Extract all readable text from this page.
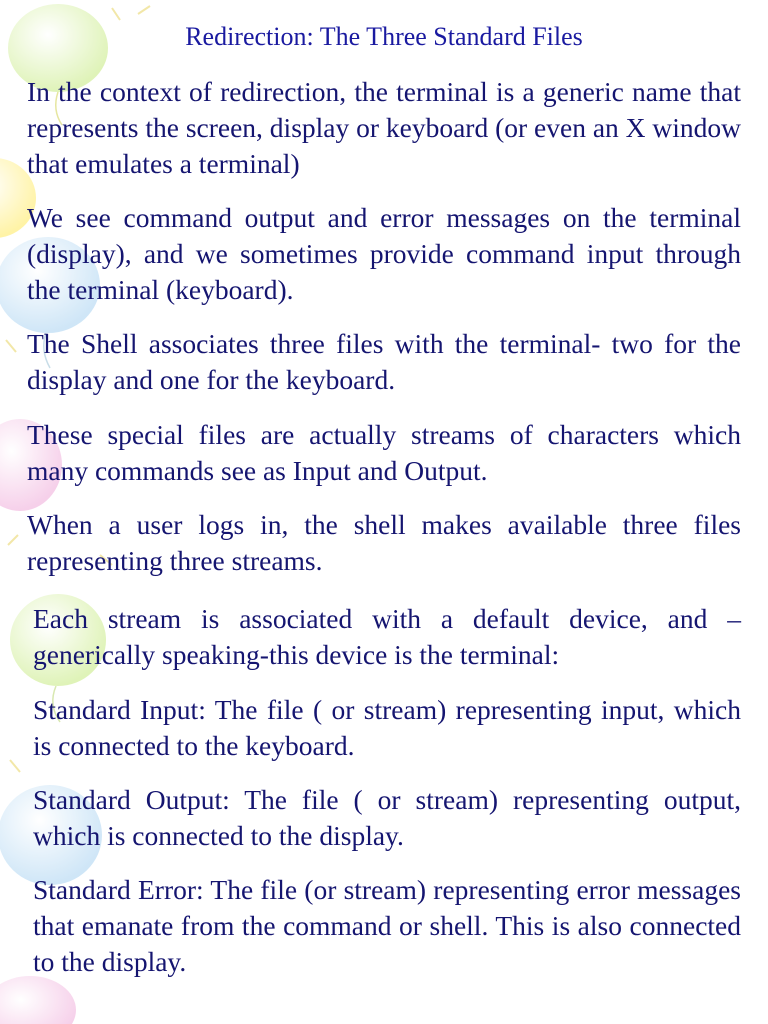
Redirection: The Three Standard Files

In the context of redirection, the terminal is a generic name that represents the screen, display or keyboard (or even an X window that emulates a terminal)

We see command output and error messages on the terminal (display), and we sometimes provide command input through the terminal (keyboard).

The Shell associates three files with the terminal- two for the display and one for the keyboard.

These special files are actually streams of characters which many commands see as Input and Output.

When a user logs in, the shell makes available three files representing three streams.

Each stream is associated with a default device, and – generically speaking-this device is the terminal:

Standard Input: The file ( or stream) representing input, which is connected to the keyboard.

Standard Output: The file ( or stream) representing output, which is connected to the display.

Standard Error: The file (or stream) representing error messages that emanate from the command or shell. This is also connected to the display.
